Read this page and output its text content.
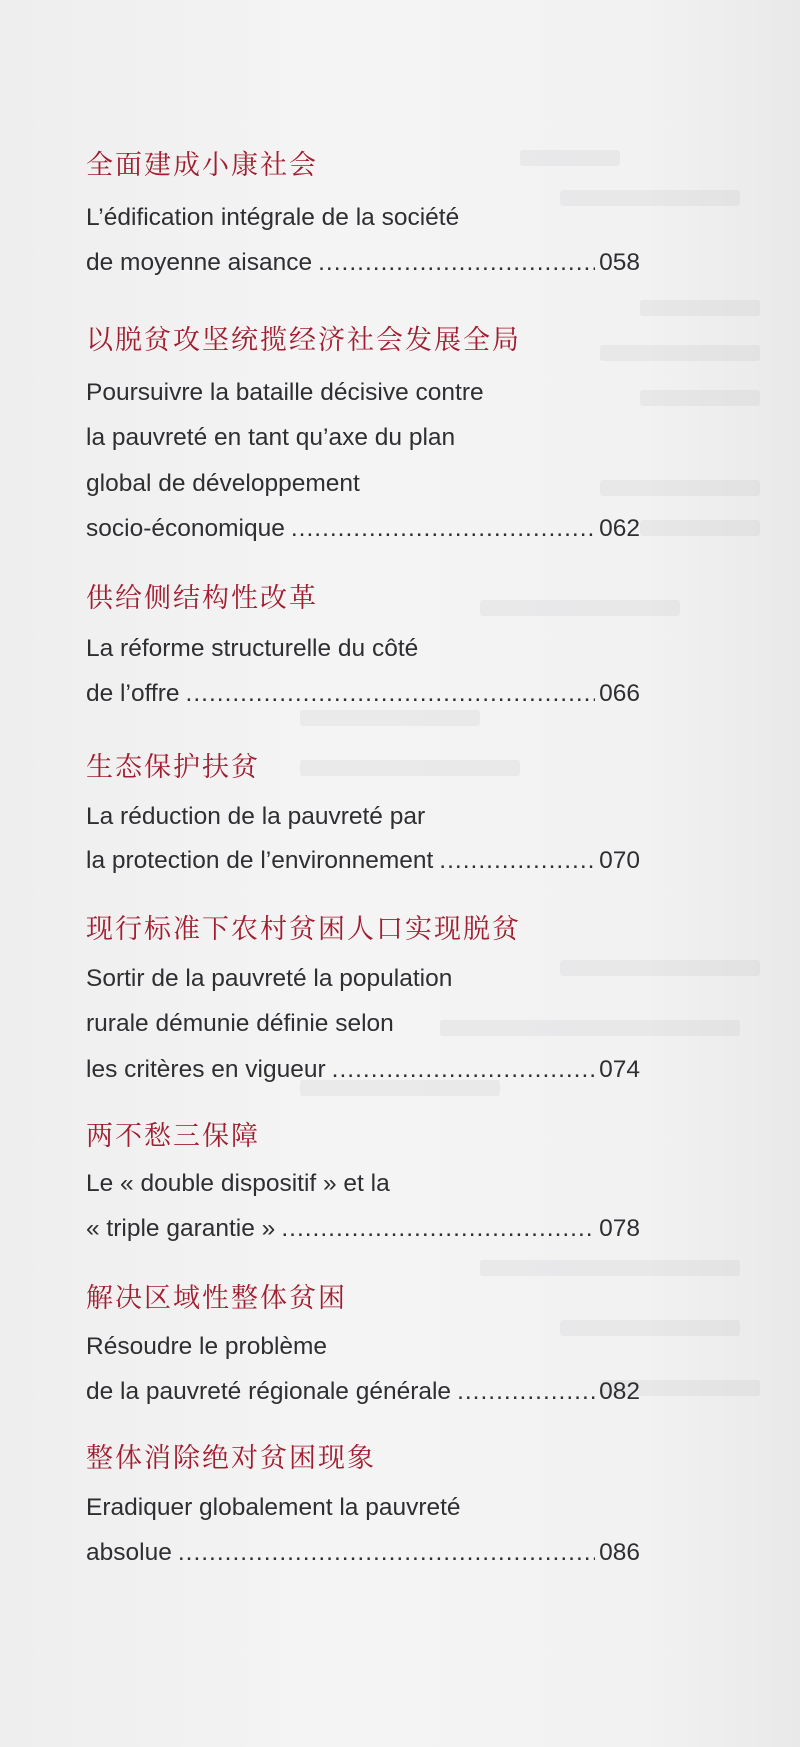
全面建成小康社会
L’édification intégrale de la société
de moyenne aisance .....	058
以脱贫攻坚统揽经济社会发展全局
Poursuivre la bataille décisive contre
la pauvreté en tant qu’axe du plan
global de développement
socio-économique .....	062
供给侧结构性改革
La réforme structurelle du côté
de l’offre .....	066
生态保护扶贫
La réduction de la pauvreté par
la protection de l’environnement .....	070
现行标准下农村贫困人口实现脱贫
Sortir de la pauvreté la population
rurale démunie définie selon
les critères en vigueur .....	074
两不愁三保障
Le « double dispositif » et la
« triple garantie » .....	078
解决区域性整体贫困
Résoudre le problème
de la pauvreté régionale générale .....	082
整体消除绝对贫困现象
Eradiquer globalement la pauvreté
absolue .....	086
